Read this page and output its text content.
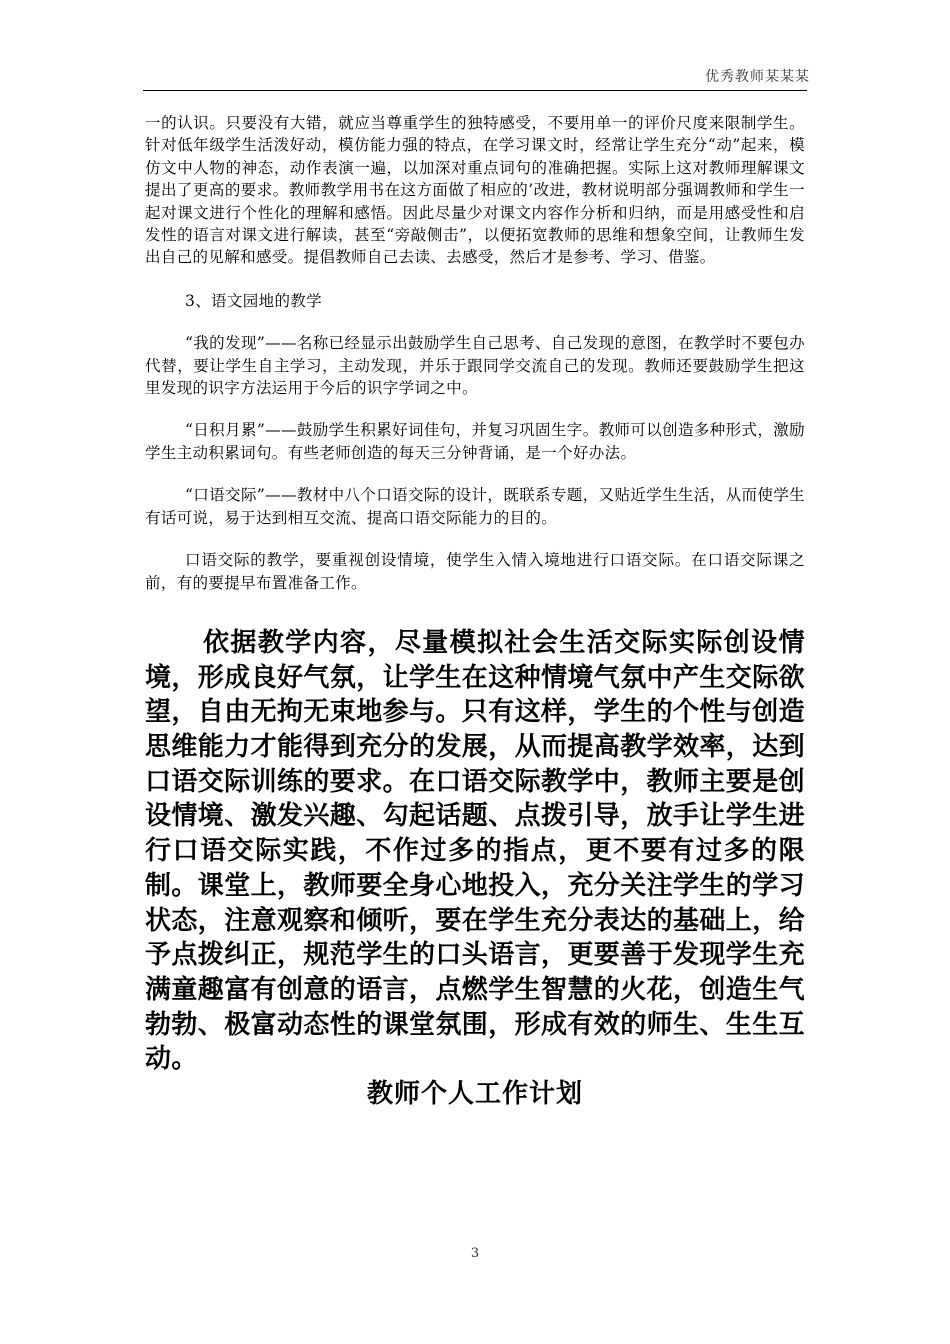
优秀教师某某某

一的认识。只要没有大错，就应当尊重学生的独特感受，不要用单一的评价尺度来限制学生。针对低年级学生活泼好动，模仿能力强的特点，在学习课文时，经常让学生充分“动”起来，模仿文中人物的神态，动作表演一遍，以加深对重点词句的准确把握。实际上这对教师理解课文提出了更高的要求。教师教学用书在这方面做了相应的’改进，教材说明部分强调教师和学生一起对课文进行个性化的理解和感悟。因此尽量少对课文内容作分析和归纳，而是用感受性和启发性的语言对课文进行解读，甚至“旁敲侧击”，以便拓宽教师的思维和想象空间，让教师生发出自己的见解和感受。提倡教师自己去读、去感受，然后才是参考、学习、借鉴。

3、语文园地的教学

“我的发现”——名称已经显示出鼓励学生自己思考、自己发现的意图，在教学时不要包办代替，要让学生自主学习，主动发现，并乐于跟同学交流自己的发现。教师还要鼓励学生把这里发现的识字方法运用于今后的识字学词之中。

“日积月累”——鼓励学生积累好词佳句，并复习巩固生字。教师可以创造多种形式，激励学生主动积累词句。有些老师创造的每天三分钟背诵，是一个好办法。

“口语交际”——教材中八个口语交际的设计，既联系专题，又贴近学生生活，从而使学生有话可说，易于达到相互交流、提高口语交际能力的目的。

口语交际的教学，要重视创设情境，使学生入情入境地进行口语交际。在口语交际课之前，有的要提早布置准备工作。

依据教学内容，尽量模拟社会生活交际实际创设情境，形成良好气氛，让学生在这种情境气氛中产生交际欲望，自由无拘无束地参与。只有这样，学生的个性与创造思维能力才能得到充分的发展，从而提高教学效率，达到口语交际训练的要求。在口语交际教学中，教师主要是创设情境、激发兴趣、勾起话题、点拨引导，放手让学生进行口语交际实践，不作过多的指点，更不要有过多的限制。课堂上，教师要全身心地投入，充分关注学生的学习状态，注意观察和倾听，要在学生充分表达的基础上，给予点拨纠正，规范学生的口头语言，更要善于发现学生充满童趣富有创意的语言，点燃学生智慧的火花，创造生气勃勃、极富动态性的课堂氛围，形成有效的师生、生生互动。

教师个人工作计划

3
